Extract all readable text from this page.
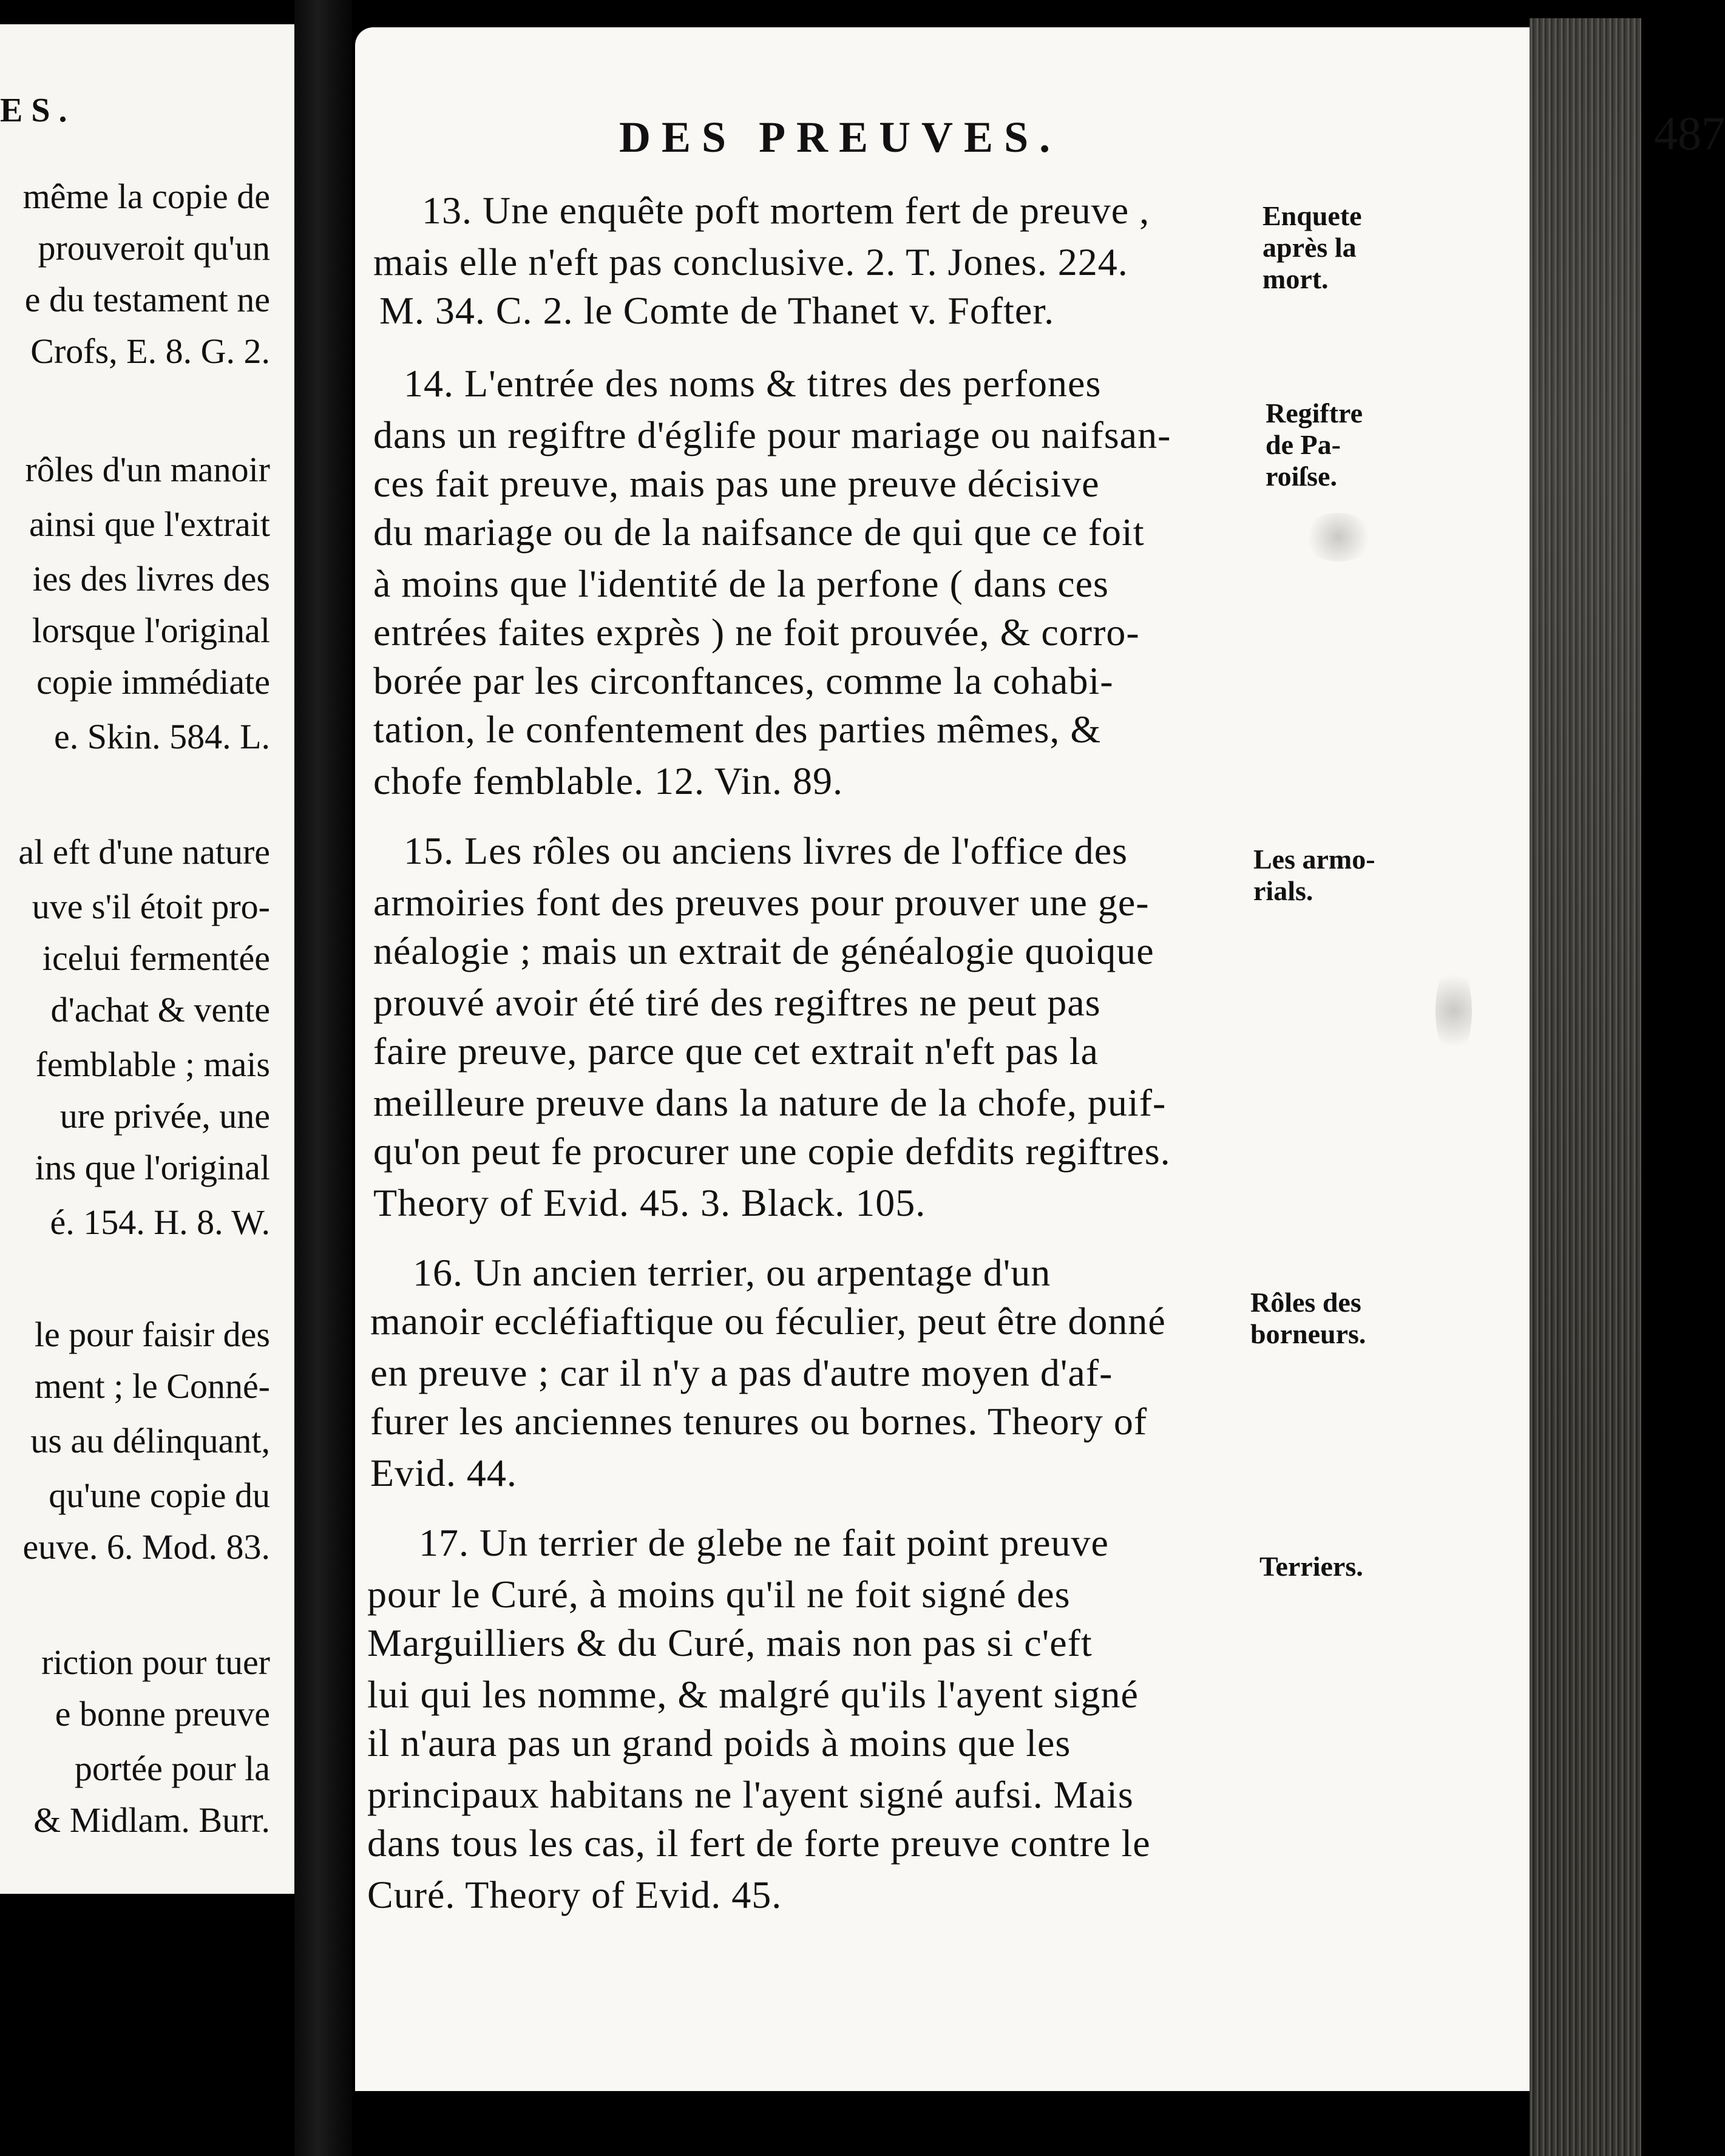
ES.
même la copie de
prouveroit qu'un
e du testament ne
Crofs, E. 8. G. 2.
rôles d'un manoir
ainsi que l'extrait
ies des livres des
lorsque l'original
copie immédiate
e. Skin. 584. L.
al eft d'une nature
uve s'il étoit pro-
icelui fermentée
d'achat & vente
femblable ; mais
ure privée, une
ins que l'original
é. 154. H. 8. W.
le pour faisir des
ment ; le Conné-
us au délinquant,
qu'une copie du
euve. 6. Mod. 83.
riction pour tuer
e bonne preuve
portée pour la
& Midlam. Burr.
DES PREUVES.	487
13. Une enquête poft mortem fert de preuve ,
mais elle n'eft pas conclusive. 2. T. Jones. 224.
M. 34. C. 2. le Comte de Thanet v. Fofter.
14. L'entrée des noms & titres des perfones
dans un regiftre d'églife pour mariage ou naifsan-
ces fait preuve, mais pas une preuve décisive
du mariage ou de la naifsance de qui que ce foit
à moins que l'identité de la perfone ( dans ces
entrées faites exprès ) ne foit prouvée, & corro-
borée par les circonftances, comme la cohabi-
tation, le confentement des parties mêmes, &
chofe femblable. 12. Vin. 89.
15. Les rôles ou anciens livres de l'office des
armoiries font des preuves pour prouver une ge-
néalogie ; mais un extrait de généalogie quoique
prouvé avoir été tiré des regiftres ne peut pas
faire preuve, parce que cet extrait n'eft pas la
meilleure preuve dans la nature de la chofe, puif-
qu'on peut fe procurer une copie defdits regiftres.
Theory of Evid. 45. 3. Black. 105.
16. Un ancien terrier, ou arpentage d'un
manoir eccléfiaftique ou féculier, peut être donné
en preuve ; car il n'y a pas d'autre moyen d'af-
furer les anciennes tenures ou bornes. Theory of
Evid. 44.
17. Un terrier de glebe ne fait point preuve
pour le Curé, à moins qu'il ne foit signé des
Marguilliers & du Curé, mais non pas si c'eft
lui qui les nomme, & malgré qu'ils l'ayent signé
il n'aura pas un grand poids à moins que les
principaux habitans ne l'ayent signé aufsi. Mais
dans tous les cas, il fert de forte preuve contre le
Curé. Theory of Evid. 45.
Enquete
après la
mort.
Regiftre
de Pa-
roiſse.
Les armo-
rials.
Rôles des
borneurs.
Terriers.
